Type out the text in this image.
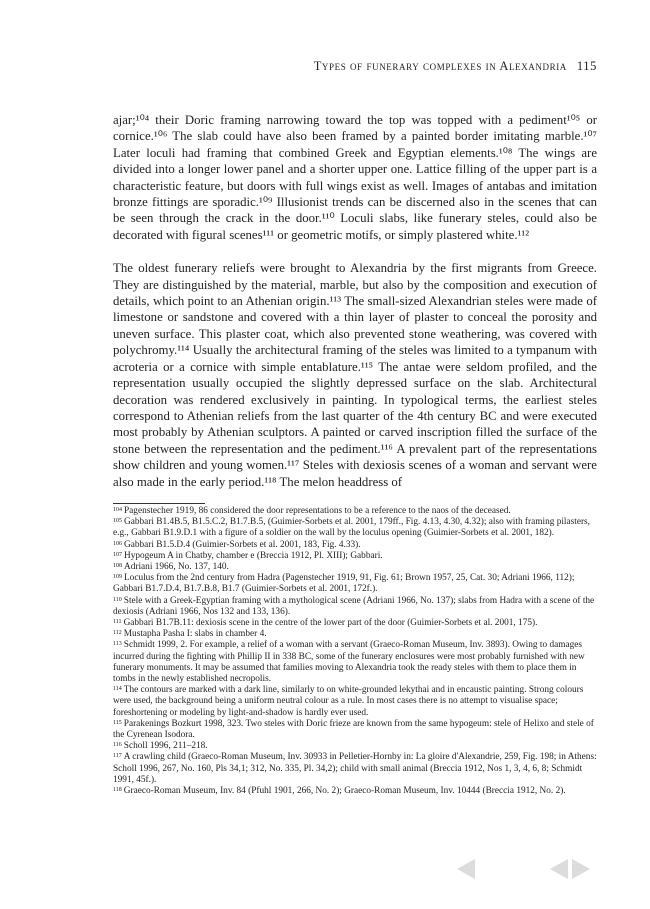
Types of funerary complexes in Alexandria 115

ajar;¹⁰⁴ their Doric framing narrowing toward the top was topped with a pediment¹⁰⁵ or cornice.¹⁰⁶ The slab could have also been framed by a painted border imitating marble.¹⁰⁷ Later loculi had framing that combined Greek and Egyptian elements.¹⁰⁸ The wings are divided into a longer lower panel and a shorter upper one. Lattice filling of the upper part is a characteristic feature, but doors with full wings exist as well. Images of antabas and imitation bronze fittings are sporadic.¹⁰⁹ Illusionist trends can be discerned also in the scenes that can be seen through the crack in the door.¹¹⁰ Loculi slabs, like funerary steles, could also be decorated with figural scenes¹¹¹ or geometric motifs, or simply plastered white.¹¹²

The oldest funerary reliefs were brought to Alexandria by the first migrants from Greece. They are distinguished by the material, marble, but also by the composition and execution of details, which point to an Athenian origin.¹¹³ The small-sized Alexandrian steles were made of limestone or sandstone and covered with a thin layer of plaster to conceal the porosity and uneven surface. This plaster coat, which also prevented stone weathering, was covered with polychromy.¹¹⁴ Usually the architectural framing of the steles was limited to a tympanum with acroteria or a cornice with simple entablature.¹¹⁵ The antae were seldom profiled, and the representation usually occupied the slightly depressed surface on the slab. Architectural decoration was rendered exclusively in painting. In typological terms, the earliest steles correspond to Athenian reliefs from the last quarter of the 4th century BC and were executed most probably by Athenian sculptors. A painted or carved inscription filled the surface of the stone between the representation and the pediment.¹¹⁶ A prevalent part of the representations show children and young women.¹¹⁷ Steles with dexiosis scenes of a woman and servant were also made in the early period.¹¹⁸ The melon headdress of

$^{104}$ Pagenstecher 1919, 86 considered the door representations to be a reference to the naos of the deceased.

$^{105}$ Gabbari B1.4B.5, B1.5.C.2, B1.7.B.5, (Guimier-Sorbets et al. 2001, 179ff., Fig. 4.13, 4.30, 4.32); also with framing pilasters, e.g., Gabbari B1.9.D.1 with a figure of a soldier on the wall by the loculus opening (Guimier-Sorbets et al. 2001, 182).

$^{106}$ Gabbari B1.5.D.4 (Guimier-Sorbets et al. 2001, 183, Fig. 4.33).

$^{107}$ Hypogeum A in Chatby, chamber e (Breccia 1912, Pl. XIII); Gabbari.

$^{108}$ Adriani 1966, No. 137, 140.

$^{109}$ Loculus from the 2nd century from Hadra (Pagenstecher 1919, 91, Fig. 61; Brown 1957, 25, Cat. 30; Adriani 1966, 112); Gabbari B1.7.D.4, B1.7.B.8, B1.7 (Guimier-Sorbets et al. 2001, 172f.).

$^{110}$ Stele with a Greek-Egyptian framing with a mythological scene (Adriani 1966, No. 137); slabs from Hadra with a scene of the dexiosis (Adriani 1966, Nos 132 and 133, 136).

$^{111}$ Gabbari B1.7B.11: dexiosis scene in the centre of the lower part of the door (Guimier-Sorbets et al. 2001, 175).

$^{112}$ Mustapha Pasha I: slabs in chamber 4.

$^{113}$ Schmidt 1999, 2. For example, a relief of a woman with a servant (Graeco-Roman Museum, Inv. 3893). Owing to damages incurred during the fighting with Phillip II in 338 BC, some of the funerary enclosures were most probably furnished with new funerary monuments. It may be assumed that families moving to Alexandria took the ready steles with them to place them in tombs in the newly established necropolis.

$^{114}$ The contours are marked with a dark line, similarly to on white-grounded lekythai and in encaustic painting. Strong colours were used, the background being a uniform neutral colour as a rule. In most cases there is no attempt to visualise space; foreshortening or modeling by light-and-shadow is hardly ever used.

$^{115}$ Parakenings Bozkurt 1998, 323. Two steles with Doric frieze are known from the same hypogeum: stele of Helixo and stele of the Cyrenean Isodora.

$^{116}$ Scholl 1996, 211–218.

$^{117}$ A crawling child (Graeco-Roman Museum, Inv. 30933 in Pelletier-Hornby in: La gloire d'Alexandrie, 259, Fig. 198; in Athens: Scholl 1996, 267, No. 160, Pls 34,1; 312, No. 335, Pl. 34,2); child with small animal (Breccia 1912, Nos 1, 3, 4, 6, 8; Schmidt 1991, 45f.).

$^{118}$ Graeco-Roman Museum, Inv. 84 (Pfuhl 1901, 266, No. 2); Graeco-Roman Museum, Inv. 10444 (Breccia 1912, No. 2).
